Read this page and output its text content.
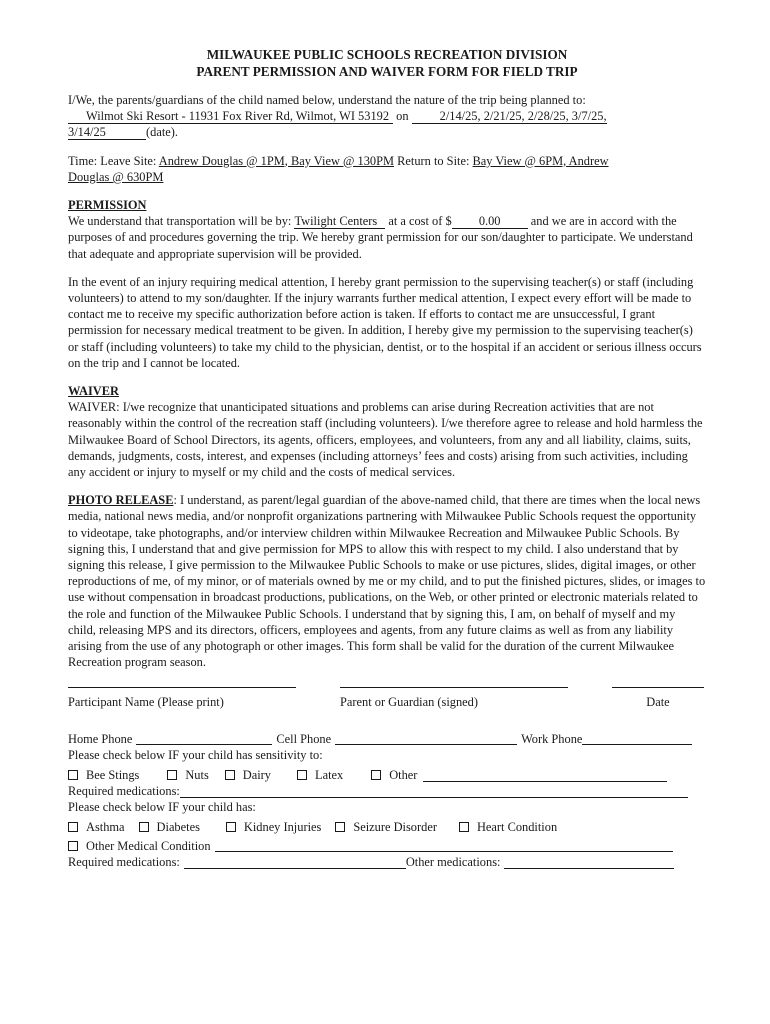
MILWAUKEE PUBLIC SCHOOLS RECREATION DIVISION
PARENT PERMISSION AND WAIVER FORM FOR FIELD TRIP

I/We, the parents/guardians of the child named below, understand the nature of the trip being planned to:
Wilmot Ski Resort - 11931 Fox River Rd, Wilmot, WI 53192 on	2/14/25, 2/21/25, 2/28/25, 3/7/25,
3/14/25	(date).

Time: Leave Site: Andrew Douglas @ 1PM, Bay View @ 130PM Return to Site: Bay View @ 6PM, Andrew
Douglas @ 630PM

PERMISSION
We understand that transportation will be by: Twilight Centers at a cost of $ 0.00 and we are in accord with the purposes of and procedures governing the trip. We hereby grant permission for our son/daughter to participate. We understand that adequate and appropriate supervision will be provided.

In the event of an injury requiring medical attention, I hereby grant permission to the supervising teacher(s) or staff (including volunteers) to attend to my son/daughter. If the injury warrants further medical attention, I expect every effort will be made to contact me to receive my specific authorization before action is taken. If efforts to contact me are unsuccessful, I grant permission for necessary medical treatment to be given. In addition, I hereby give my permission to the supervising teacher(s) or staff (including volunteers) to take my child to the physician, dentist, or to the hospital if an accident or serious illness occurs on the trip and I cannot be located.

WAIVER
WAIVER: I/we recognize that unanticipated situations and problems can arise during Recreation activities that are not reasonably within the control of the recreation staff (including volunteers). I/we therefore agree to release and hold harmless the Milwaukee Board of School Directors, its agents, officers, employees, and volunteers, from any and all liability, claims, suits, demands, judgments, costs, interest, and expenses (including attorneys’ fees and costs) arising from such activities, including any accident or injury to myself or my child and the costs of medical services.

PHOTO RELEASE: I understand, as parent/legal guardian of the above-named child, that there are times when the local news media, national news media, and/or nonprofit organizations partnering with Milwaukee Public Schools request the opportunity to videotape, take photographs, and/or interview children within Milwaukee Recreation and Milwaukee Public Schools. By signing this, I understand that and give permission for MPS to allow this with respect to my child. I also understand that by signing this release, I give permission to the Milwaukee Public Schools to make or use pictures, slides, digital images, or other reproductions of me, of my minor, or of materials owned by me or my child, and to put the finished pictures, slides, or images to use without compensation in broadcast productions, publications, on the Web, or other printed or electronic materials related to the role and function of the Milwaukee Public Schools. I understand that by signing this, I am, on behalf of myself and my child, releasing MPS and its directors, officers, employees and agents, from any future claims as well as from any liability arising from the use of any photograph or other images. This form shall be valid for the duration of the current Milwaukee Recreation program season.

Participant Name (Please print)	Parent or Guardian (signed)	Date
Home Phone	Cell Phone	Work Phone

Please check below IF your child has sensitivity to:

Bee Stings	Nuts	Dairy	Latex	Other
Required medications:

Please check below IF your child has:

Asthma	Diabetes	Kidney Injuries	Seizure Disorder	Heart Condition
Other Medical Condition
Required medications:	Other medications:
